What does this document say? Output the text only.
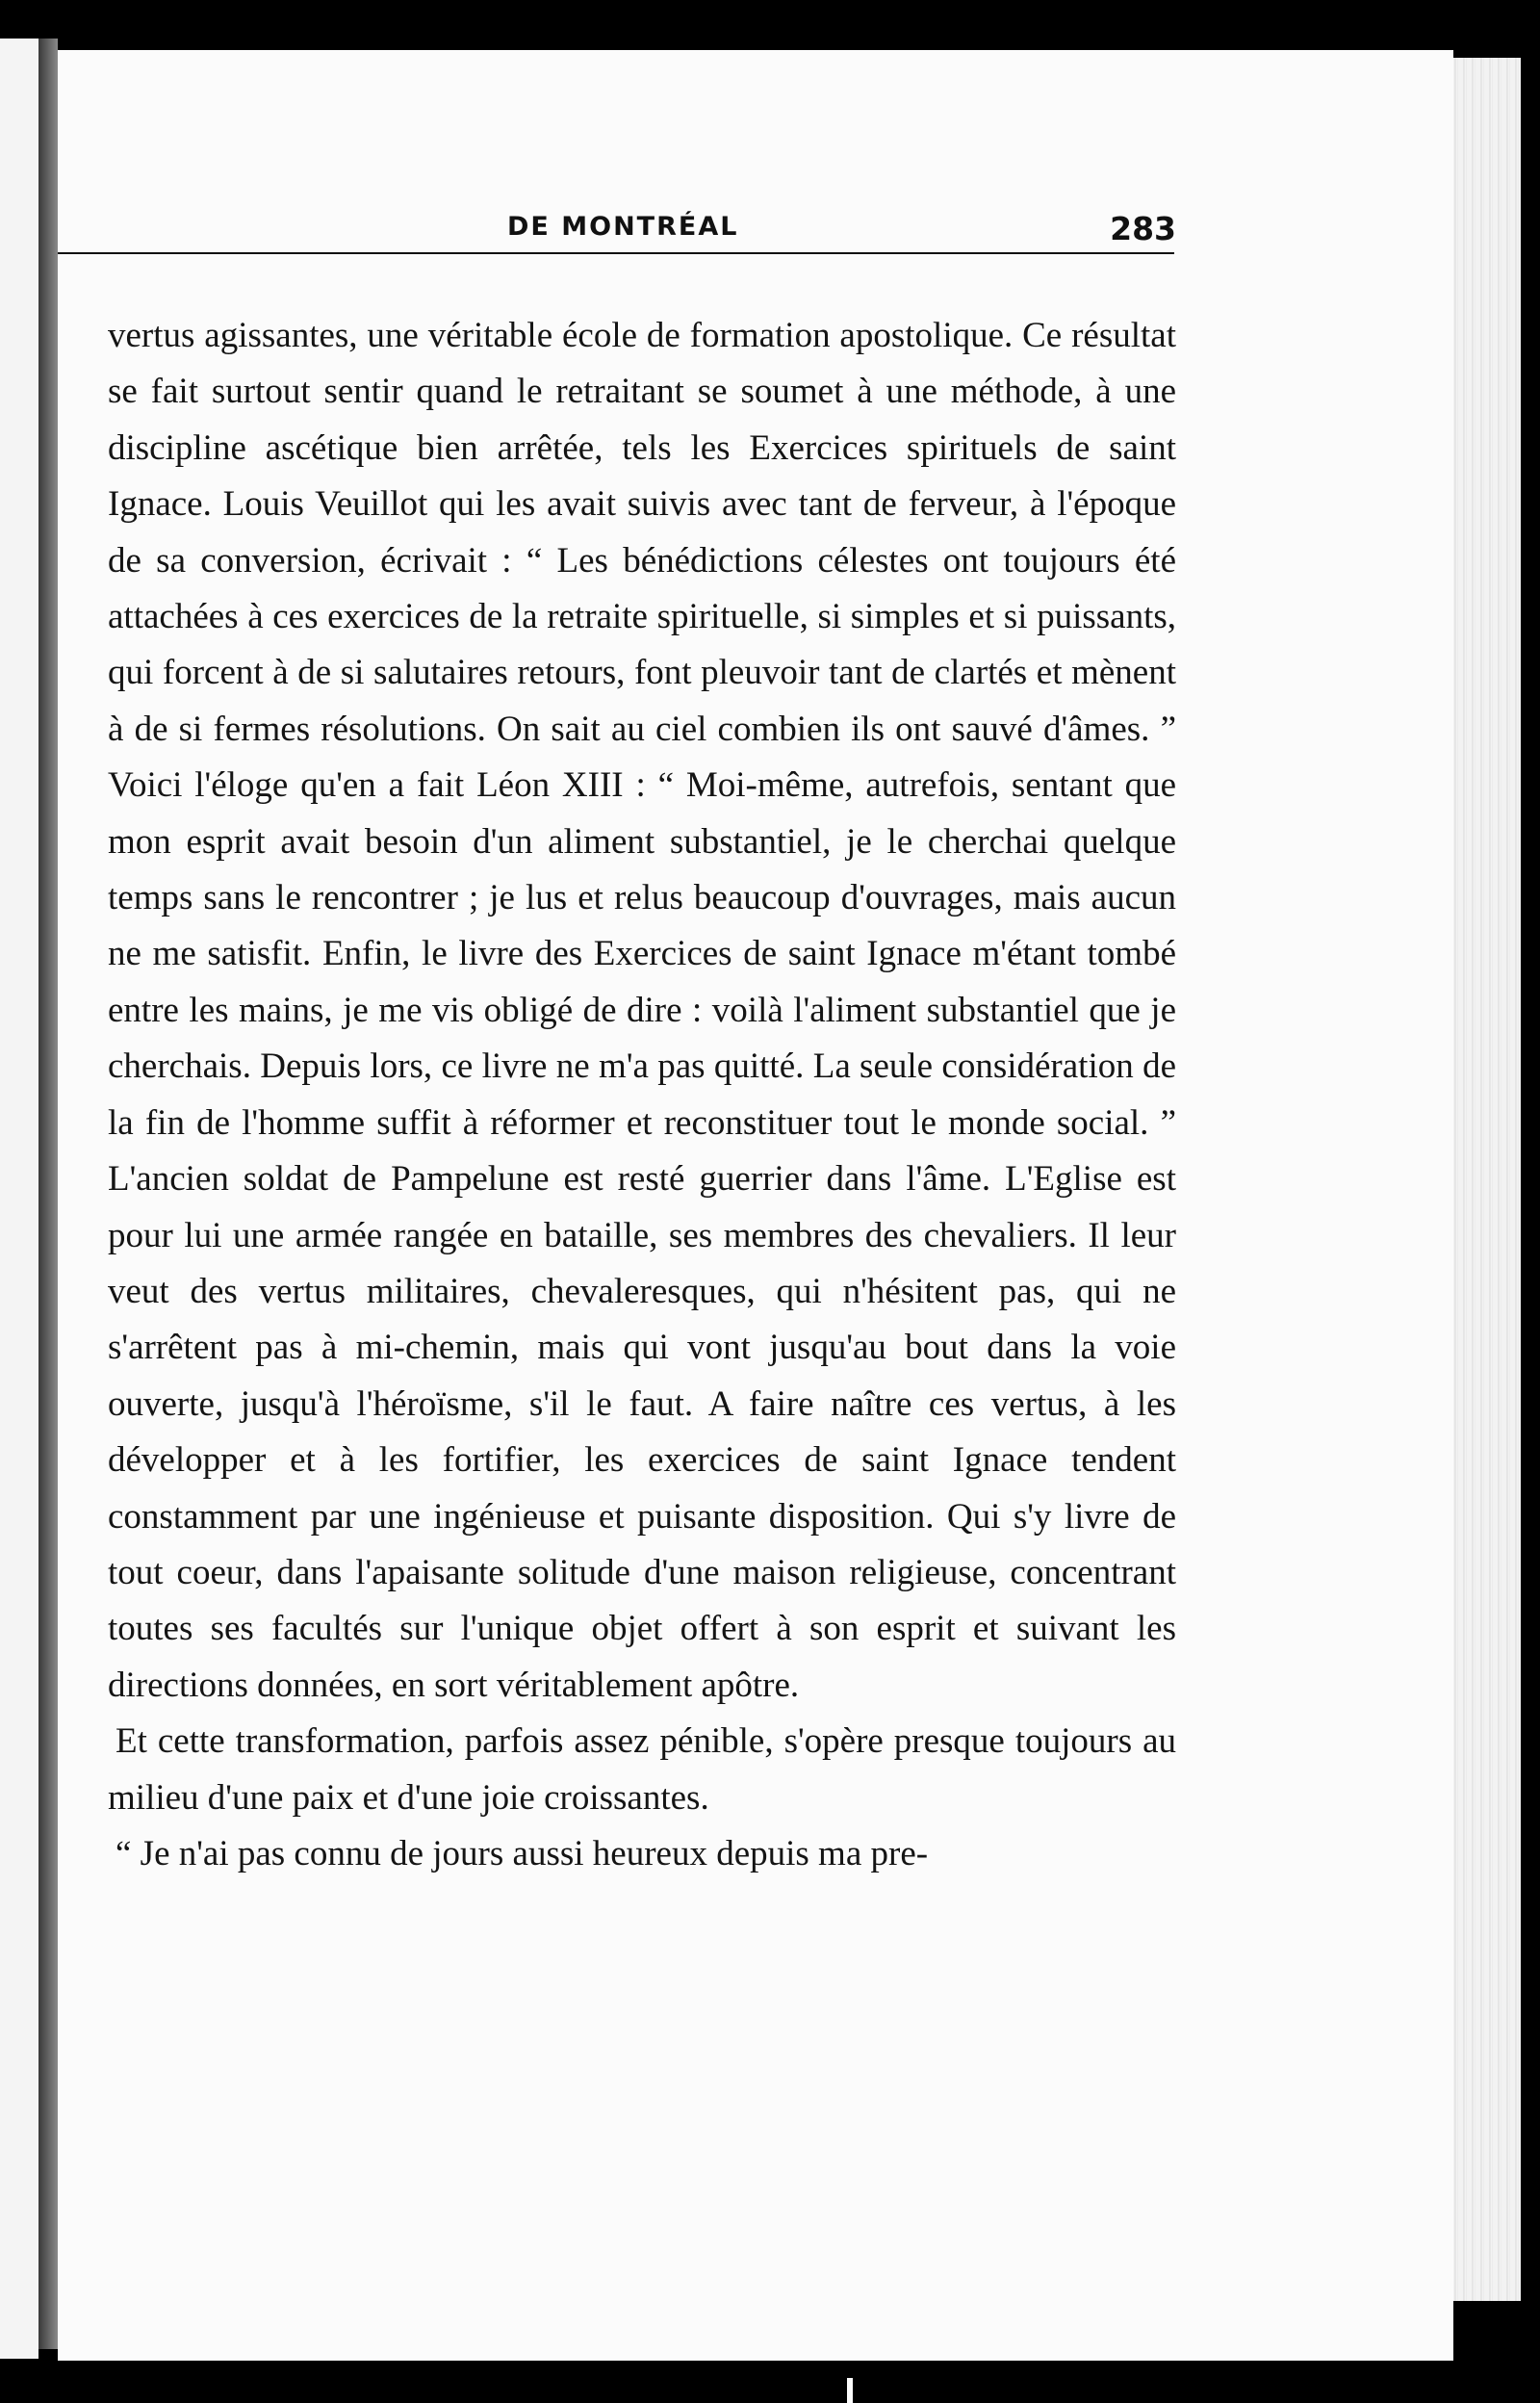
DE MONTRÉAL	283

vertus agissantes, une véritable école de formation apostolique. Ce résultat se fait surtout sentir quand le retraitant se soumet à une méthode, à une discipline ascétique bien arrêtée, tels les Exercices spirituels de saint Ignace. Louis Veuillot qui les avait suivis avec tant de ferveur, à l'époque de sa conversion, écrivait : “ Les bénédictions célestes ont toujours été attachées à ces exercices de la retraite spirituelle, si simples et si puissants, qui forcent à de si salutaires retours, font pleuvoir tant de clartés et mènent à de si fermes résolutions. On sait au ciel combien ils ont sauvé d'âmes. ” Voici l'éloge qu'en a fait Léon XIII : “ Moi-même, autrefois, sentant que mon esprit avait besoin d'un aliment substantiel, je le cherchai quelque temps sans le rencontrer ; je lus et relus beaucoup d'ouvrages, mais aucun ne me satisfit. Enfin, le livre des Exercices de saint Ignace m'étant tombé entre les mains, je me vis obligé de dire : voilà l'aliment substantiel que je cherchais. Depuis lors, ce livre ne m'a pas quitté. La seule considération de la fin de l'homme suffit à réformer et reconstituer tout le monde social. ” L'ancien soldat de Pampelune est resté guerrier dans l'âme. L'Eglise est pour lui une armée rangée en bataille, ses membres des chevaliers. Il leur veut des vertus militaires, chevaleresques, qui n'hésitent pas, qui ne s'arrêtent pas à mi-chemin, mais qui vont jusqu'au bout dans la voie ouverte, jusqu'à l'héroïsme, s'il le faut. A faire naître ces vertus, à les développer et à les fortifier, les exercices de saint Ignace tendent constamment par une ingénieuse et puisante disposition. Qui s'y livre de tout coeur, dans l'apaisante solitude d'une maison religieuse, concentrant toutes ses facultés sur l'unique objet offert à son esprit et suivant les directions données, en sort véritablement apôtre.

Et cette transformation, parfois assez pénible, s'opère presque toujours au milieu d'une paix et d'une joie croissantes.

“ Je n'ai pas connu de jours aussi heureux depuis ma pre-
